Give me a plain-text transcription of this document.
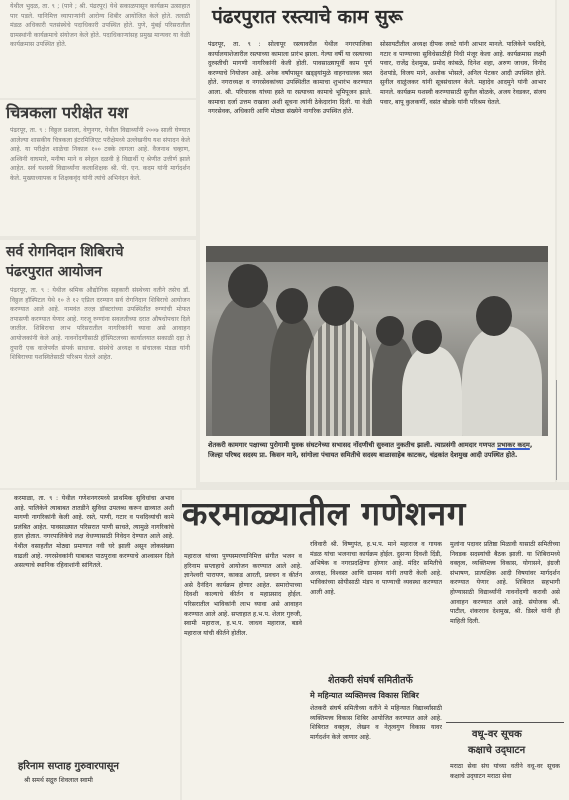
येथील भुदळ, ता. ९ ; (पाने ; श्री. पंढरपूर) येथे सकाळपासून कार्यक्रम उत्साहात पार पडले. यानिमित्त व्यापाऱ्यांनी आरोग्य शिबीर आयोजित केले होते. तलाठी मंडळ अधिकारी पतसंस्थेचे पदाधिकारी उपस्थित होते. पुणे, मुंबई परिसरातील ग्रामस्थांनी कार्यक्रमाचे संयोजन केले होते. पदाधिकाऱ्यांसह प्रमुख मान्यवर या वेळी कार्यक्रमास उपस्थित होते.
चित्रकला परीक्षेत यश
पंढरपूर, ता. ९ : विठ्ठल प्रशाला, वेणुनगर, येथील विद्यार्थ्यांनी २००७ साली घेण्यात आलेल्या शासकीय चित्रकला इंटरमिजिएट परीक्षेमध्ये उल्लेखनीय यश संपादन केले आहे. या परीक्षेत शाळेचा निकाल १०० टक्के लागला आहे. वैजनाथ चव्हाण, अश्विनी वाघमारे, मनीषा माने व स्नेहल दळवी हे विद्यार्थी ए श्रेणीत उत्तीर्ण झाले आहेत. सर्व यशस्वी विद्यार्थ्यांना कलाशिक्षक श्री. पी. एन. कदम यांनी मार्गदर्शन केले. मुख्याध्यापक व शिक्षकवृंद यांनी त्यांचे अभिनंदन केले.
सर्व रोगनिदान शिबिराचे
पंढरपुरात आयोजन
पंढरपूर, ता. ९ : येथील श्रमिक औद्योगिक सहकारी संस्थेच्या वतीने तसेच डॉ. विठ्ठल हॉस्पिटल येथे १० ते १२ एप्रिल दरम्यान सर्व रोगनिदान शिबिराचे आयोजन करण्यात आले आहे. नामवंत तज्ज्ञ डॉक्टरांच्या उपस्थितीत रुग्णांची मोफत तपासणी करण्यात येणार आहे. गरजू रुग्णांना सवलतीच्या दरात औषधोपचार दिले जातील. शिबिराचा लाभ परिसरातील नागरिकांनी घ्यावा असे आवाहन आयोजकांनी केले आहे. नावनोंदणीसाठी हॉस्पिटलच्या कार्यालयात सकाळी दहा ते दुपारी एक वाजेपर्यंत संपर्क साधावा. संस्थेचे अध्यक्ष व संचालक मंडळ यांनी शिबिराच्या यशस्वितेसाठी परिश्रम घेतले आहेत.
पंढरपुरात रस्त्याचे काम सुरू
पंढरपूर, ता. ९ : सोलापूर रस्त्यावरील येथील नगरपालिका कार्यालयाशेजारील रस्त्याच्या कामाला प्रारंभ झाला. गेल्या वर्षी या रस्त्याच्या दुरुस्तीची मागणी नागरिकांनी केली होती. पावसाळ्यापूर्वी काम पूर्ण करण्याचे नियोजन आहे. अनेक वर्षांपासून खड्ड्यांमुळे वाहनचालक त्रस्त होते. नगराध्यक्ष व नगरसेवकांच्या उपस्थितीत कामाचा शुभारंभ करण्यात आला. श्री. परिचारक यांच्या हस्ते या रस्त्याच्या कामाचे भूमिपूजन झाले. कामाचा दर्जा उत्तम राखावा अशी सूचना त्यांनी ठेकेदारांना दिली. या वेळी नगरसेवक, अधिकारी आणि मोठ्या संख्येने नागरिक उपस्थित होते.
सोसायटीतील अध्यक्ष दीपक लवटे यांनी आभार मानले. पालिकेने पथदिवे, गटार व पाण्याच्या सुविधेसाठीही निधी मंजूर केला आहे. कार्यक्रमास लक्ष्मी पवार, राजेंद्र देशमुख, प्रमोद कांबळे, दिनेश शहा, अरुण जाधव, विनोद देशपांडे, विजय माने, अशोक भोसले, अनिल पेटकर आदी उपस्थित होते. सुनील वाळुंजकर यांनी सूत्रसंचालन केले. महादेव आदमुने यांनी आभार मानले. कार्यक्रम यशस्वी करण्यासाठी सुनील बोळके, अजय रेवडकर, संजय पवार, बापू कुलकर्णी, वसंत बोडके यांनी परिश्रम घेतले.
शेतकरी कामगार पक्षाच्या पुरोगामी युवक संघटनेच्या सभासद नोंदणीची सुरुवात नुकतीच झाली. त्याप्रसंगी आमदार गणपत प्रभाकर कदम, जिल्हा परिषद सदस्य प्रा. किसन माने, सांगोला पंचायत समितीचे सदस्य बाळासाहेब काटकर, चंद्रकांत देशमुख आदी उपस्थित होते.
करमाळा, ता. ९ : येथील गणेशनगरमध्ये प्राथमिक सुविधांचा अभाव आहे. पालिकेने त्याबाबत तातडीने सुविधा उपलब्ध करून द्याव्यात अशी मागणी नागरिकांनी केली आहे. रस्ते, पाणी, गटार व पथदिव्यांची कामे प्रलंबित आहेत. पावसाळ्यात परिसरात पाणी साचते, त्यामुळे नागरिकांचे हाल होतात. नगरपालिकेचे लक्ष वेधण्यासाठी निवेदन देण्यात आले आहे. येथील वसाहतीत मोठ्या प्रमाणात नवी घरे झाली असून लोकसंख्या वाढली आहे. नगरसेवकांनी याबाबत पाठपुरावा करण्याचे आश्वासन दिले असल्याचे स्थानिक रहिवाशांनी सांगितले.
हरिनाम सप्ताह गुरुवारपासून
श्री समर्थ सद्गुरु शिवलाल स्वामी
करमाळ्यातील गणेशनग
महाराज यांच्या पुण्यस्मरणानिमित्त संगीत भजन व हरिनाम सप्ताहाचे आयोजन करण्यात आले आहे. ज्ञानेश्वरी पारायण, काकड आरती, प्रवचन व कीर्तन असे दैनंदिन कार्यक्रम होणार आहेत. समारोपाच्या दिवशी काल्याचे कीर्तन व महाप्रसाद होईल. परिसरातील भाविकांनी लाभ घ्यावा असे आवाहन करण्यात आले आहे. सप्ताहात ह.भ.प. शेलार गुरुजी, स्वामी महाराज, ह.भ.प. जाधव महाराज, बडवे महाराज यांची कीर्तने होतील.
रविवारी श्री. विष्णुपंत, ह.भ.प. माने महाराज व गायक मंडळ यांचा भजनाचा कार्यक्रम होईल. दुसऱ्या दिवशी दिंडी, अभिषेक व नगरप्रदक्षिणा होणार आहे. मंदिर समितीचे अध्यक्ष, विश्वस्त आणि ग्रामस्थ यांनी तयारी केली आहे. भाविकांच्या सोयीसाठी मंडप व पाण्याची व्यवस्था करण्यात आली आहे.
शेतकरी संघर्ष समितीतर्फे
मे महिन्यात व्यक्तिमत्त्व विकास शिबिर
शेतकरी संघर्ष समितीच्या वतीने मे महिन्यात विद्यार्थ्यांसाठी व्यक्तिमत्त्व विकास शिबिर आयोजित करण्यात आले आहे. शिबिरात वक्तृत्व, लेखन व नेतृत्वगुण विकास यावर मार्गदर्शन केले जाणार आहे.
मुलांना पदावर प्रतिष्ठा मिळावी यासाठी समितीच्या निवडक सदस्यांची बैठक झाली. या शिबिरामध्ये वक्तृत्व, व्यक्तिमत्त्व विकास, योगासने, इंग्रजी संभाषण, प्रात्यक्षिक आदी विषयांवर मार्गदर्शन करण्यात येणार आहे. शिबिरात सहभागी होण्यासाठी विद्यार्थ्यांनी नावनोंदणी करावी असे आवाहन करण्यात आले आहे. संयोजक श्री. पाटील, शंकरराव देशमुख, श्री. डिस्ले यांनी ही माहिती दिली.
वधू-वर सूचक
कक्षाचे उद्‌घाटन
मराठा सेवा संघ यांच्या वतीने वधू-वर सूचक कक्षाचे उद्‌घाटन मराठा सेवा
